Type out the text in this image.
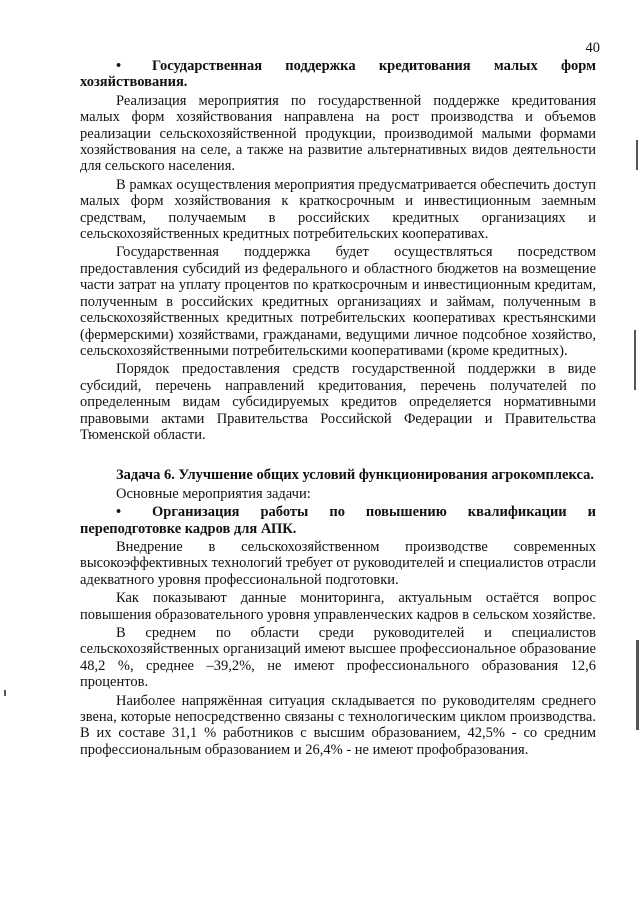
40

• Государственная поддержка кредитования малых форм хозяйствования.

Реализация мероприятия по государственной поддержке кредитования малых форм хозяйствования направлена на рост производства и объемов реализации сельскохозяйственной продукции, производимой малыми формами хозяйствования на селе, а также на развитие альтернативных видов деятельности для сельского населения.

В рамках осуществления мероприятия предусматривается обеспечить доступ малых форм хозяйствования к краткосрочным и инвестиционным заемным средствам, получаемым в российских кредитных организациях и сельскохозяйственных кредитных потребительских кооперативах.

Государственная поддержка будет осуществляться посредством предоставления субсидий из федерального и областного бюджетов на возмещение части затрат на уплату процентов по краткосрочным и инвестиционным кредитам, полученным в российских кредитных организациях и займам, полученным в сельскохозяйственных кредитных потребительских кооперативах крестьянскими (фермерскими) хозяйствами, гражданами, ведущими личное подсобное хозяйство, сельскохозяйственными потребительскими кооперативами (кроме кредитных).

Порядок предоставления средств государственной поддержки в виде субсидий, перечень направлений кредитования, перечень получателей по определенным видам субсидируемых кредитов определяется нормативными правовыми актами Правительства Российской Федерации и Правительства Тюменской области.

Задача 6. Улучшение общих условий функционирования агрокомплекса.

Основные мероприятия задачи:

• Организация работы по повышению квалификации и переподготовке кадров для АПК.

Внедрение в сельскохозяйственном производстве современных высокоэффективных технологий требует от руководителей и специалистов отрасли адекватного уровня профессиональной подготовки.

Как показывают данные мониторинга, актуальным остаётся вопрос повышения образовательного уровня управленческих кадров в сельском хозяйстве.

В среднем по области среди руководителей и специалистов сельскохозяйственных организаций имеют высшее профессиональное образование 48,2 %, среднее –39,2%, не имеют профессионального образования 12,6 процентов.

Наиболее напряжённая ситуация складывается по руководителям среднего звена, которые непосредственно связаны с технологическим циклом производства. В их составе 31,1 % работников с высшим образованием, 42,5% - со средним профессиональным образованием и 26,4% - не имеют профобразования.
